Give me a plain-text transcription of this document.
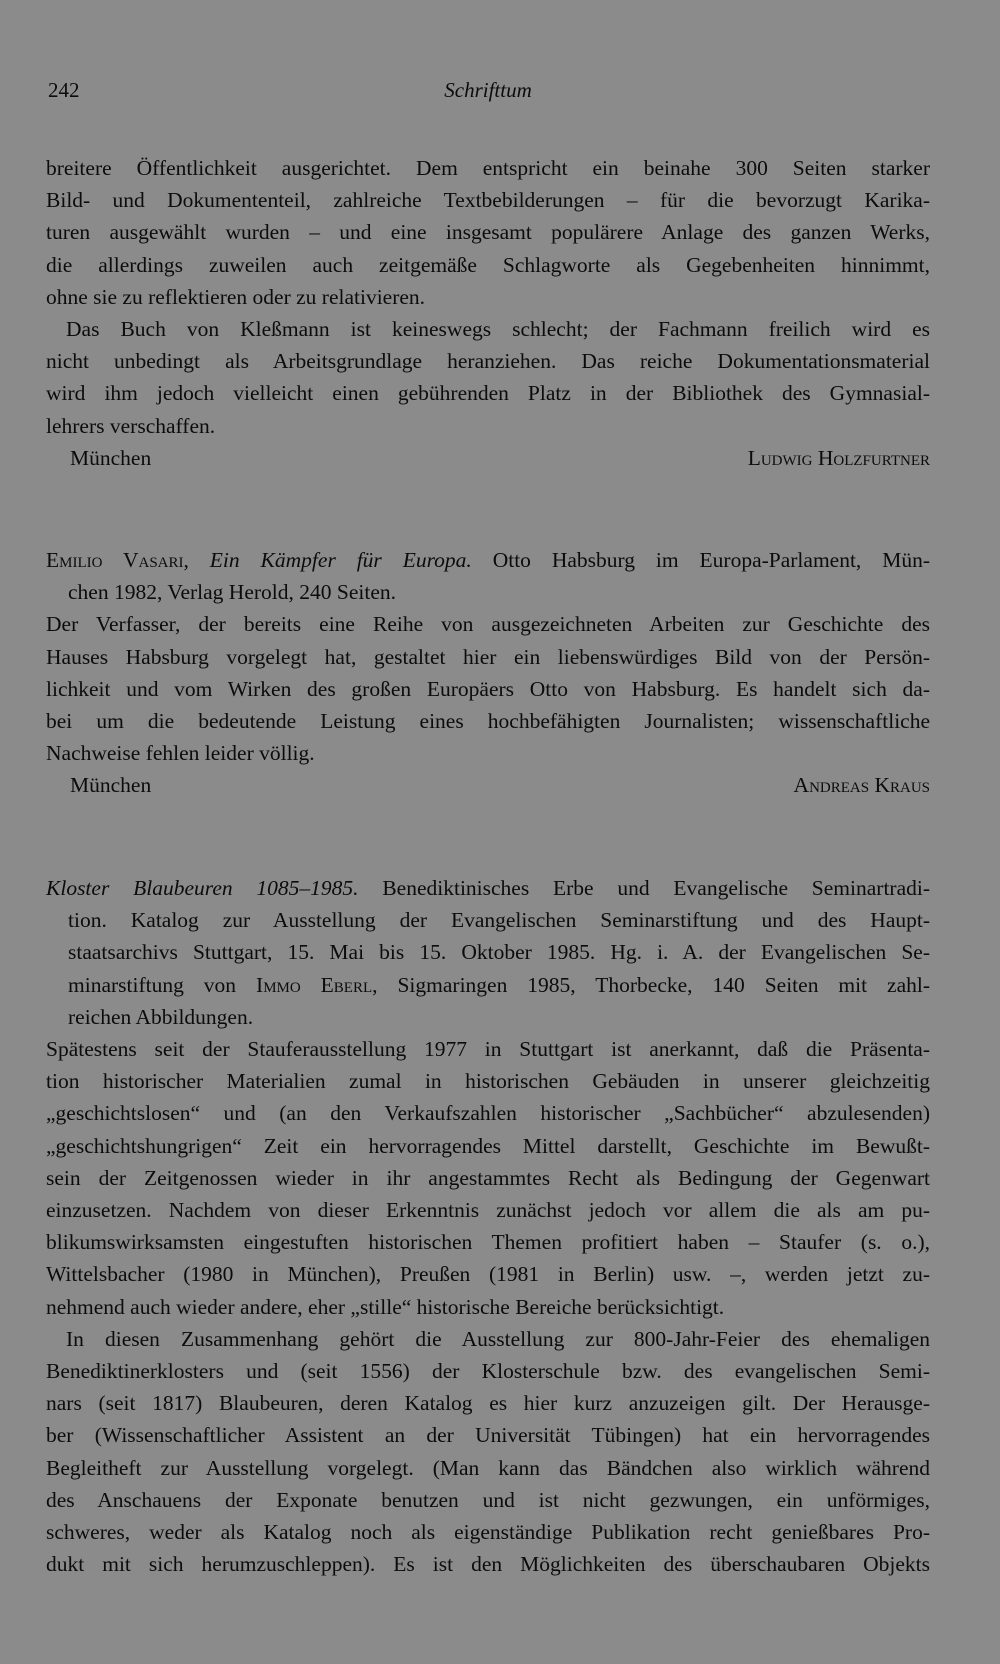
242	Schrifttum
breitere Öffentlichkeit ausgerichtet. Dem entspricht ein beinahe 300 Seiten starker
Bild- und Dokumententeil, zahlreiche Textbebilderungen – für die bevorzugt Karika-
turen ausgewählt wurden – und eine insgesamt populärere Anlage des ganzen Werks,
die allerdings zuweilen auch zeitgemäße Schlagworte als Gegebenheiten hinnimmt,
ohne sie zu reflektieren oder zu relativieren.
Das Buch von Kleßmann ist keineswegs schlecht; der Fachmann freilich wird es
nicht unbedingt als Arbeitsgrundlage heranziehen. Das reiche Dokumentationsmaterial
wird ihm jedoch vielleicht einen gebührenden Platz in der Bibliothek des Gymnasial-
lehrers verschaffen.
München	Ludwig Holzfurtner
Emilio Vasari, Ein Kämpfer für Europa. Otto Habsburg im Europa-Parlament, Mün-
chen 1982, Verlag Herold, 240 Seiten.
Der Verfasser, der bereits eine Reihe von ausgezeichneten Arbeiten zur Geschichte des
Hauses Habsburg vorgelegt hat, gestaltet hier ein liebenswürdiges Bild von der Persön-
lichkeit und vom Wirken des großen Europäers Otto von Habsburg. Es handelt sich da-
bei um die bedeutende Leistung eines hochbefähigten Journalisten; wissenschaftliche
Nachweise fehlen leider völlig.
München	Andreas Kraus
Kloster Blaubeuren 1085–1985. Benediktinisches Erbe und Evangelische Seminartradi-
tion. Katalog zur Ausstellung der Evangelischen Seminarstiftung und des Haupt-
staatsarchivs Stuttgart, 15. Mai bis 15. Oktober 1985. Hg. i. A. der Evangelischen Se-
minarstiftung von Immo Eberl, Sigmaringen 1985, Thorbecke, 140 Seiten mit zahl-
reichen Abbildungen.
Spätestens seit der Stauferausstellung 1977 in Stuttgart ist anerkannt, daß die Präsenta-
tion historischer Materialien zumal in historischen Gebäuden in unserer gleichzeitig
„geschichtslosen“ und (an den Verkaufszahlen historischer „Sachbücher“ abzulesenden)
„geschichtshungrigen“ Zeit ein hervorragendes Mittel darstellt, Geschichte im Bewußt-
sein der Zeitgenossen wieder in ihr angestammtes Recht als Bedingung der Gegenwart
einzusetzen. Nachdem von dieser Erkenntnis zunächst jedoch vor allem die als am pu-
blikumswirksamsten eingestuften historischen Themen profitiert haben – Staufer (s. o.),
Wittelsbacher (1980 in München), Preußen (1981 in Berlin) usw. –, werden jetzt zu-
nehmend auch wieder andere, eher „stille“ historische Bereiche berücksichtigt.
In diesen Zusammenhang gehört die Ausstellung zur 800-Jahr-Feier des ehemaligen
Benediktinerklosters und (seit 1556) der Klosterschule bzw. des evangelischen Semi-
nars (seit 1817) Blaubeuren, deren Katalog es hier kurz anzuzeigen gilt. Der Herausge-
ber (Wissenschaftlicher Assistent an der Universität Tübingen) hat ein hervorragendes
Begleitheft zur Ausstellung vorgelegt. (Man kann das Bändchen also wirklich während
des Anschauens der Exponate benutzen und ist nicht gezwungen, ein unförmiges,
schweres, weder als Katalog noch als eigenständige Publikation recht genießbares Pro-
dukt mit sich herumzuschleppen). Es ist den Möglichkeiten des überschaubaren Objekts
